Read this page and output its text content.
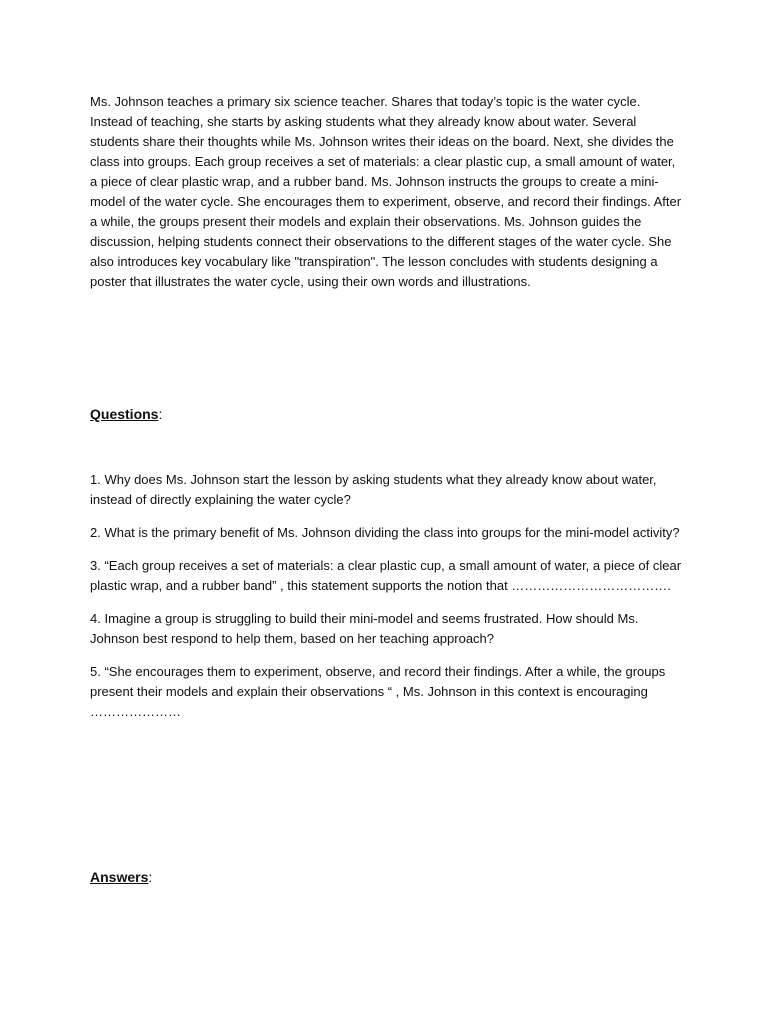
Ms. Johnson teaches a primary six science teacher. Shares that today’s topic is the water cycle. Instead of teaching, she starts by asking students what they already know about water. Several students share their thoughts while Ms. Johnson writes their ideas on the board. Next, she divides the class into groups. Each group receives a set of materials: a clear plastic cup, a small amount of water, a piece of clear plastic wrap, and a rubber band. Ms. Johnson instructs the groups to create a mini-model of the water cycle. She encourages them to experiment, observe, and record their findings. After a while, the groups present their models and explain their observations. Ms. Johnson guides the discussion, helping students connect their observations to the different stages of the water cycle. She also introduces key vocabulary like "transpiration". The lesson concludes with students designing a poster that illustrates the water cycle, using their own words and illustrations.

Questions:

1. Why does Ms. Johnson start the lesson by asking students what they already know about water, instead of directly explaining the water cycle?

2. What is the primary benefit of Ms. Johnson dividing the class into groups for the mini-model activity?

3. “Each group receives a set of materials: a clear plastic cup, a small amount of water, a piece of clear plastic wrap, and a rubber band” , this statement supports the notion that ……………………………….

4. Imagine a group is struggling to build their mini-model and seems frustrated. How should Ms. Johnson best respond to help them, based on her teaching approach?

5. “She encourages them to experiment, observe, and record their findings. After a while, the groups present their models and explain their observations “ , Ms. Johnson in this context is encouraging …………………

Answers:
